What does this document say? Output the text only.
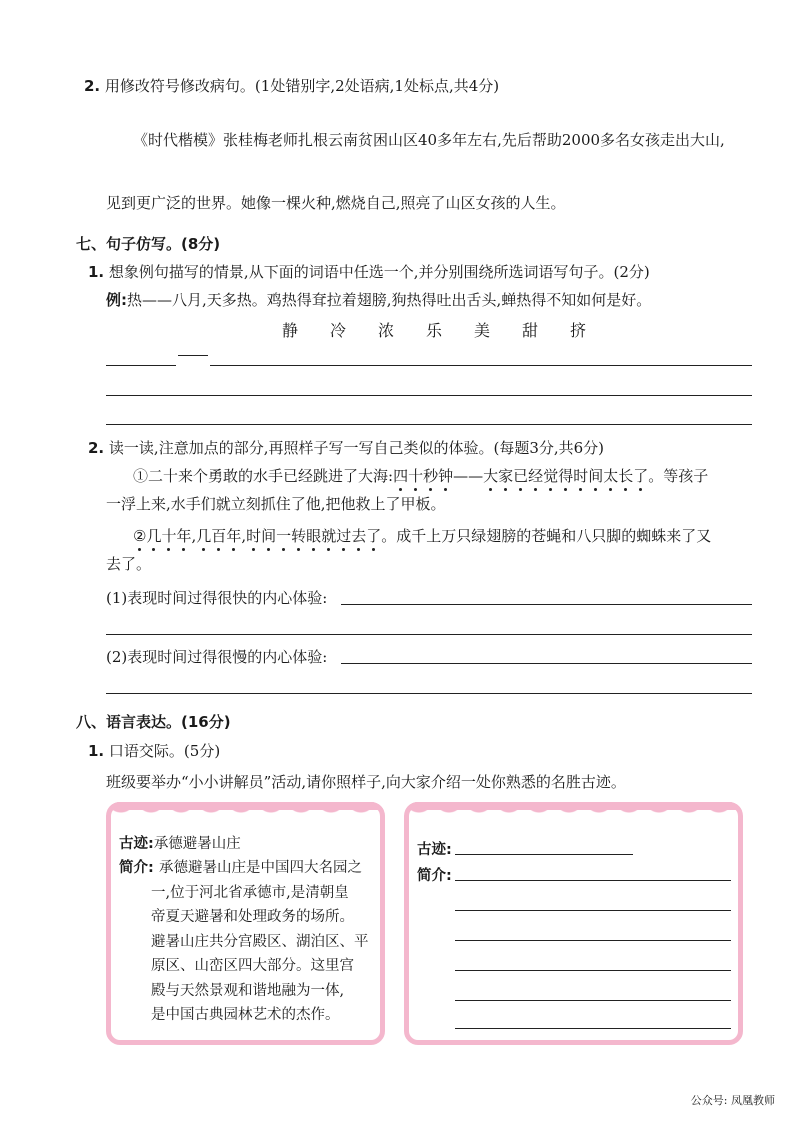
2. 用修改符号修改病句。(1处错别字,2处语病,1处标点,共4分)
《时代楷模》张桂梅老师扎根云南贫困山区40多年左右,先后帮助2000多名女孩走出大山,
见到更广泛的世界。她像一棵火种,燃烧自己,照亮了山区女孩的人生。
七、句子仿写。(8分)
1. 想象例句描写的情景,从下面的词语中任选一个,并分别围绕所选词语写句子。(2分)
例:热——八月,天多热。鸡热得耷拉着翅膀,狗热得吐出舌头,蝉热得不知如何是好。
静 冷 浓 乐 美 甜 挤
2. 读一读,注意加点的部分,再照样子写一写自己类似的体验。(每题3分,共6分)
①二十来个勇敢的水手已经跳进了大海:四十秒钟——大家已经觉得时间太长了。等孩子
一浮上来,水手们就立刻抓住了他,把他救上了甲板。
②几十年,几百年,时间一转眼就过去了。成千上万只绿翅膀的苍蝇和八只脚的蜘蛛来了又
去了。
(1)表现时间过得很快的内心体验:
(2)表现时间过得很慢的内心体验:
八、语言表达。(16分)
1. 口语交际。(5分)
班级要举办“小小讲解员”活动,请你照样子,向大家介绍一处你熟悉的名胜古迹。
古迹:承德避暑山庄
简介: 承德避暑山庄是中国四大名园之
一,位于河北省承德市,是清朝皇
帝夏天避暑和处理政务的场所。
避暑山庄共分宫殿区、湖泊区、平
原区、山峦区四大部分。这里宫
殿与天然景观和谐地融为一体,
是中国古典园林艺术的杰作。
古迹:
简介:
公众号: 凤凰教师
